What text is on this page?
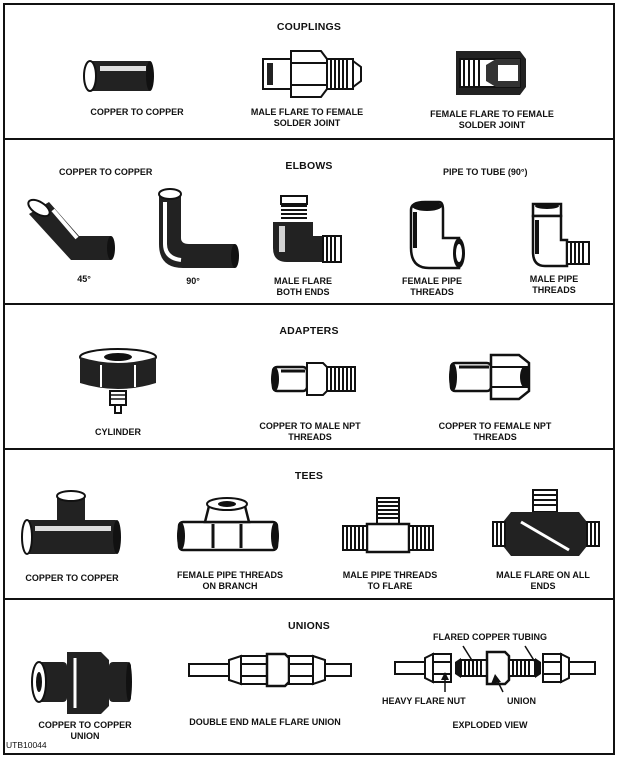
COUPLINGS
COPPER TO COPPER	MALE FLARE TO FEMALE
SOLDER JOINT
FEMALE FLARE TO FEMALE
SOLDER JOINT
ELBOWS
COPPER TO COPPER	PIPE TO TUBE (90°)
45°	90°	MALE FLARE
BOTH ENDS
FEMALE PIPE
THREADS
MALE PIPE
THREADS
ADAPTERS
CYLINDER
COPPER TO MALE NPT
THREADS
COPPER TO FEMALE NPT
THREADS
TEES
COPPER TO COPPER	FEMALE PIPE THREADS
ON BRANCH
MALE PIPE THREADS
TO FLARE
MALE FLARE ON ALL
ENDS
UNIONS
FLARED COPPER TUBING
HEAVY FLARE NUT	UNION
COPPER TO COPPER
UNION
DOUBLE END MALE FLARE UNION	EXPLODED VIEW
UTB10044
